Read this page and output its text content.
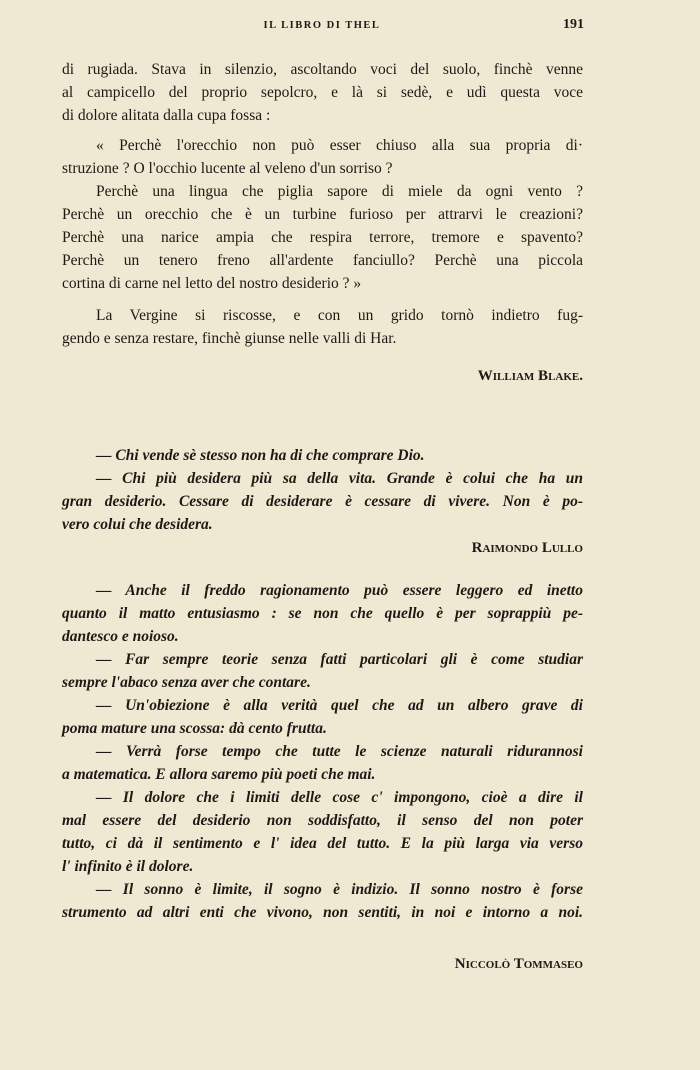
IL LIBRO DI THEL	191
di rugiada. Stava in silenzio, ascoltando voci del suolo, finchè venne
al campicello del proprio sepolcro, e là si sedè, e udì questa voce
di dolore alitata dalla cupa fossa :
« Perchè l'orecchio non può esser chiuso alla sua propria di·
struzione ? O l'occhio lucente al veleno d'un sorriso ?
Perchè una lingua che piglia sapore di miele da ogni vento ?
Perchè un orecchio che è un turbine furioso per attrarvi le creazioni?
Perchè una narice ampia che respira terrore, tremore e spavento?
Perchè un tenero freno all'ardente fanciullo? Perchè una piccola
cortina di carne nel letto del nostro desiderio ? »
La Vergine si riscosse, e con un grido tornò indietro fug-
gendo e senza restare, finchè giunse nelle valli di Har.
William Blake.
— Chi vende sè stesso non ha di che comprare Dio.
— Chi più desidera più sa della vita. Grande è colui che ha un
gran desiderio. Cessare di desiderare è cessare di vivere. Non è po-
vero colui che desidera.
Raimondo Lullo
— Anche il freddo ragionamento può essere leggero ed inetto
quanto il matto entusiasmo : se non che quello è per soprappiù pe-
dantesco e noioso.
— Far sempre teorie senza fatti particolari gli è come studiar
sempre l'abaco senza aver che contare.
— Un'obiezione è alla verità quel che ad un albero grave di
poma mature una scossa: dà cento frutta.
— Verrà forse tempo che tutte le scienze naturali ridurannosi
a matematica. E allora saremo più poeti che mai.
— Il dolore che i limiti delle cose c' impongono, cioè a dire il
mal essere del desiderio non soddisfatto, il senso del non poter
tutto, ci dà il sentimento e l' idea del tutto. E la più larga via verso
l' infinito è il dolore.
— Il sonno è limite, il sogno è indizio. Il sonno nostro è forse
strumento ad altri enti che vivono, non sentiti, in noi e intorno a noi.
Niccolò Tommaseo
